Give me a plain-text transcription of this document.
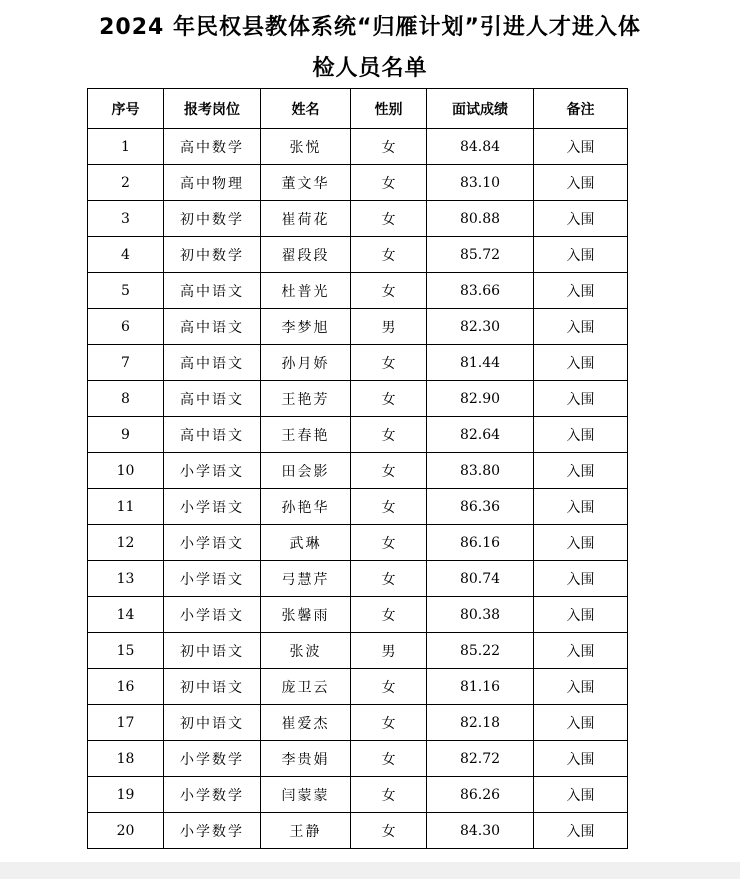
2024 年民权县教体系统“归雁计划”引进人才进入体
检人员名单
序号	报考岗位	姓名	性别	面试成绩	备注
1	高中数学	张悦	女	84.84	入围
2	高中物理	董文华	女	83.10	入围
3	初中数学	崔荷花	女	80.88	入围
4	初中数学	翟段段	女	85.72	入围
5	高中语文	杜普光	女	83.66	入围
6	高中语文	李梦旭	男	82.30	入围
7	高中语文	孙月娇	女	81.44	入围
8	高中语文	王艳芳	女	82.90	入围
9	高中语文	王春艳	女	82.64	入围
10	小学语文	田会影	女	83.80	入围
11	小学语文	孙艳华	女	86.36	入围
12	小学语文	武琳	女	86.16	入围
13	小学语文	弓慧芹	女	80.74	入围
14	小学语文	张馨雨	女	80.38	入围
15	初中语文	张波	男	85.22	入围
16	初中语文	庞卫云	女	81.16	入围
17	初中语文	崔爱杰	女	82.18	入围
18	小学数学	李贵娟	女	82.72	入围
19	小学数学	闫蒙蒙	女	86.26	入围
20	小学数学	王静	女	84.30	入围
